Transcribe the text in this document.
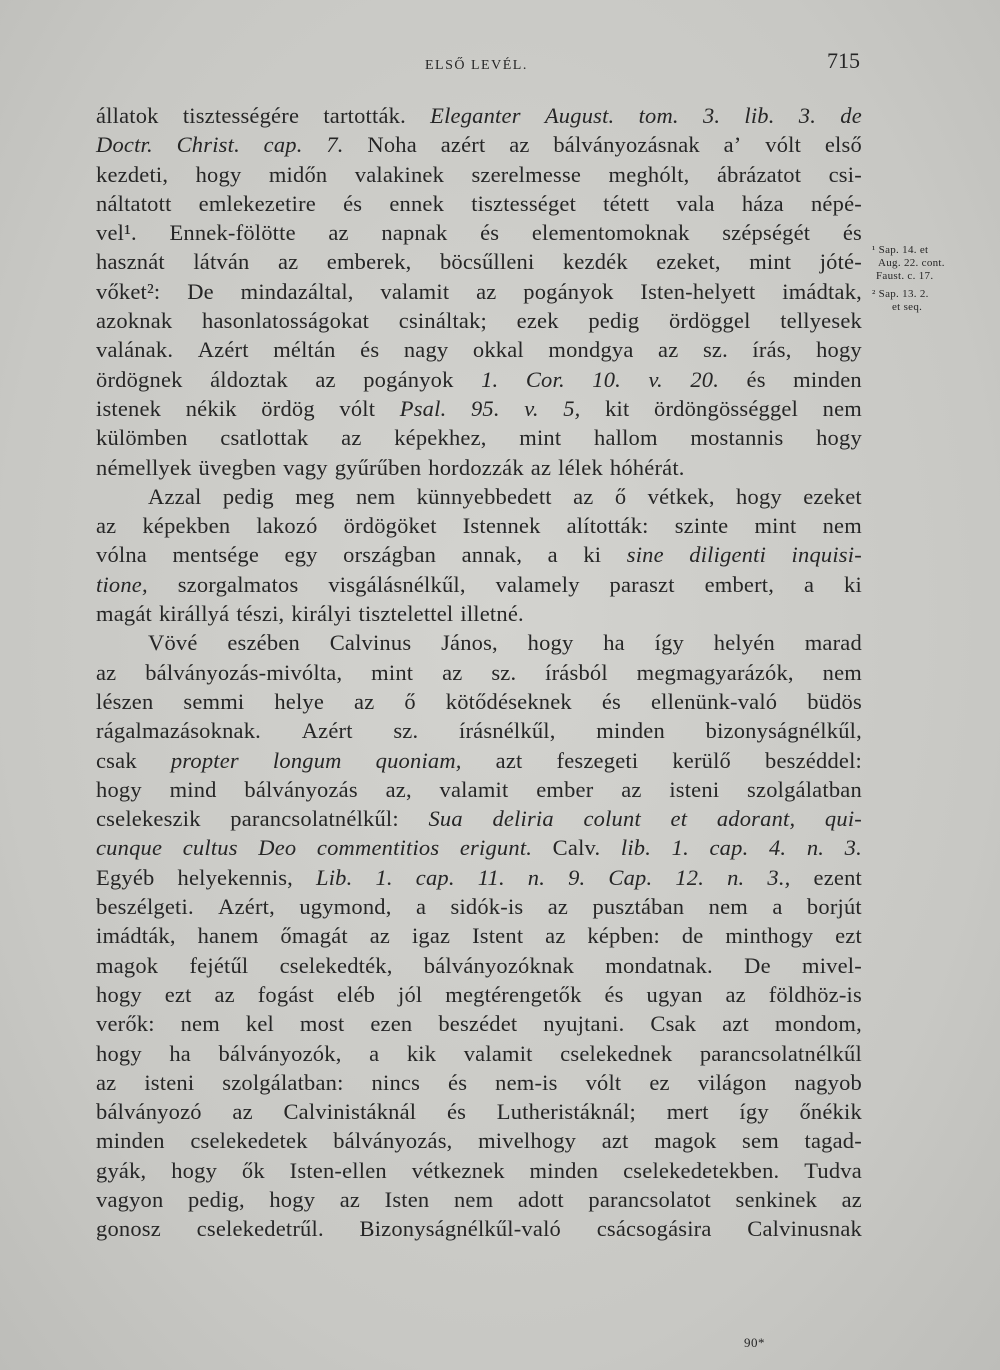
ELSŐ LEVÉL.	715
állatok tisztességére tartották. Eleganter August. tom. 3. lib. 3. de
Doctr. Christ. cap. 7. Noha azért az bálványozásnak a’ vólt első
kezdeti, hogy midőn valakinek szerelmesse meghólt, ábrázatot csi-
náltatott emlekezetire és ennek tisztességet tétett vala háza népé-
vel¹. Ennek-fölötte az napnak és elementomoknak szépségét és
hasznát látván az emberek, böcsűlleni kezdék ezeket, mint jóté-
vőket²: De mindazáltal, valamit az pogányok Isten-helyett imádtak,
azoknak hasonlatosságokat csináltak; ezek pedig ördöggel tellyesek
valának. Azért méltán és nagy okkal mondgya az sz. írás, hogy
ördögnek áldoztak az pogányok 1. Cor. 10. v. 20. és minden
istenek nékik ördög vólt Psal. 95. v. 5, kit ördöngösséggel nem
külömben csatlottak az képekhez, mint hallom mostannis hogy
némellyek üvegben vagy gyűrűben hordozzák az lélek hóhérát.
Azzal pedig meg nem künnyebbedett az ő vétkek, hogy ezeket
az képekben lakozó ördögöket Istennek alították: szinte mint nem
vólna mentsége egy országban annak, a ki sine diligenti inquisi-
tione, szorgalmatos visgálásnélkűl, valamely paraszt embert, a ki
magát királlyá tészi, királyi tisztelettel illetné.
Vövé eszében Calvinus János, hogy ha így helyén marad
az bálványozás-mivólta, mint az sz. írásból megmagyarázók, nem
lészen semmi helye az ő kötődéseknek és ellenünk-való büdös
rágalmazásoknak. Azért sz. írásnélkűl, minden bizonyságnélkűl,
csak propter longum quoniam, azt feszegeti kerülő beszéddel:
hogy mind bálványozás az, valamit ember az isteni szolgálatban
cselekeszik parancsolatnélkűl: Sua deliria colunt et adorant, qui-
cunque cultus Deo commentitios erigunt. Calv. lib. 1. cap. 4. n. 3.
Egyéb helyekennis, Lib. 1. cap. 11. n. 9. Cap. 12. n. 3., ezent
beszélgeti. Azért, ugymond, a sidók-is az pusztában nem a borjút
imádták, hanem őmagát az igaz Istent az képben: de minthogy ezt
magok fejétűl cselekedték, bálványozóknak mondatnak. De mivel-
hogy ezt az fogást eléb jól megtérengetők és ugyan az földhöz-is
verők: nem kel most ezen beszédet nyujtani. Csak azt mondom,
hogy ha bálványozók, a kik valamit cselekednek parancsolatnélkűl
az isteni szolgálatban: nincs és nem-is vólt ez világon nagyob
bálványozó az Calvinistáknál és Lutheristáknál; mert így őnékik
minden cselekedetek bálványozás, mivelhogy azt magok sem tagad-
gyák, hogy ők Isten-ellen vétkeznek minden cselekedetekben. Tudva
vagyon pedig, hogy az Isten nem adott parancsolatot senkinek az
gonosz cselekedetrűl. Bizonyságnélkűl-való csácsogásira Calvinusnak
¹ Sap. 14. et
Aug. 22. cont.
Faust. c. 17.
² Sap. 13. 2.
et seq.
90*
